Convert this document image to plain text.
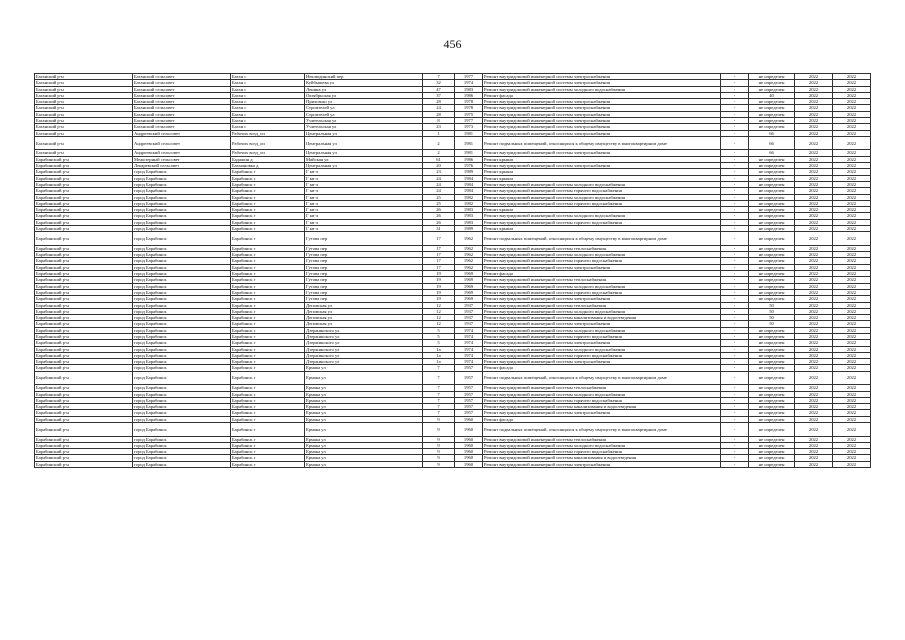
456
Баганский р-н	Баганский сельсовет	Баган с	Неклюдинский пер	7	1977	Ремонт внутридомовой инженерной системы электроснабжения	-	не определен	2022	2022
Баганский р-н	Баганский сельсовет	Баган с	Куйбышева ул	32	1974	Ремонт внутридомовой инженерной системы электроснабжения	-	не определен	2022	2022
Баганский р-н	Баганский сельсовет	Баган с	Ленина ул	47	1983	Ремонт внутридомовой инженерной системы холодного водоснабжения	-	не определен	2022	2022
Баганский р-н	Баганский сельсовет	Баган с	Октябрьская ул	37	1986	Ремонт фасада	-	40	2022	2022
Баганский р-н	Баганский сельсовет	Баган с	Прихозько ул	28	1978	Ремонт внутридомовой инженерной системы электроснабжения	-	не определен	2022	2022
Баганский р-н	Баганский сельсовет	Баган с	Строителей ул	24	1978	Ремонт внутридомовой инженерной системы электроснабжения	-	не определен	2022	2022
Баганский р-н	Баганский сельсовет	Баган с	Строителей ул	28	1975	Ремонт внутридомовой инженерной системы электроснабжения	-	не определен	2022	2022
Баганский р-н	Баганский сельсовет	Баган с	Учительская ул	8	1977	Ремонт внутридомовой инженерной системы электроснабжения	-	не определен	2022	2022
Баганский р-н	Баганский сельсовет	Баган с	Учительская ул	23	1973	Ремонт внутридомовой инженерной системы электроснабжения	-	не определен	2022	2022
Баганский р-н	Андреевский сельсовет	Рабочих возд_оп	Центральная ул	1	1981	Ремонт внутридомовой инженерной системы электроснабжения	-	66	2022	2022
Баганский р-н	Андреевский сельсовет	Рабочих возд_оп	Центральная ул	2	1981	Ремонт подвальных помещений, относящихся к общему имуществу в многоквартирном доме	-	66	2022	2022
Баганский р-н	Андреевский сельсовет	Рабочих возд_оп	Центральная ул	2	1981	Ремонт внутридомовой инженерной системы электроснабжения	-	66	2022	2022
Барабинский р-н	Межозерный сельсовет	Бадажин д	Майская ул	61	1986	Ремонт крыши	-	не определен	2022	2022
Барабинский р-н	Лекаревский сельсовет	Бахмановка д	Центральная ул	20	1976	Ремонт внутридомовой инженерной системы электроснабжения	-	не определен	2022	2022
Барабинский р-н	город Барабинск	Барабинск г	Г кв-л	23	1989	Ремонт крыши	-	не определен	2022	2022
Барабинский р-н	город Барабинск	Барабинск г	Г кв-л	24	1984	Ремонт крыши	-	не определен	2022	2022
Барабинский р-н	город Барабинск	Барабинск г	Г кв-л	24	1984	Ремонт внутридомовой инженерной системы холодного водоснабжения	-	не определен	2022	2022
Барабинский р-н	город Барабинск	Барабинск г	Г кв-л	24	1984	Ремонт внутридомовой инженерной системы горячего водоснабжения	-	не определен	2022	2022
Барабинский р-н	город Барабинск	Барабинск г	Г кв-л	25	1982	Ремонт внутридомовой инженерной системы холодного водоснабжения	-	не определен	2022	2022
Барабинский р-н	город Барабинск	Барабинск г	Г кв-л	25	1982	Ремонт внутридомовой инженерной системы горячего водоснабжения	-	не определен	2022	2022
Барабинский р-н	город Барабинск	Барабинск г	Г кв-л	26	1983	Ремонт крыши	-	не определен	2022	2022
Барабинский р-н	город Барабинск	Барабинск г	Г кв-л	26	1983	Ремонт внутридомовой инженерной системы холодного водоснабжения	-	не определен	2022	2022
Барабинский р-н	город Барабинск	Барабинск г	Г кв-л	26	1983	Ремонт внутридомовой инженерной системы горячего водоснабжения	-	не определен	2022	2022
Барабинский р-н	город Барабинск	Барабинск г	Г кв-л	31	1989	Ремонт крыши	-	не определен	2022	2022
Барабинский р-н	город Барабинск	Барабинск г	Гутова пер	17	1962	Ремонт подвальных помещений, относящихся к общему имуществу в многоквартирном доме	-	не определен	2022	2022
Барабинский р-н	город Барабинск	Барабинск г	Гутова пер	17	1962	Ремонт внутридомовой инженерной системы теплоснабжения	-	не определен	2022	2022
Барабинский р-н	город Барабинск	Барабинск г	Гутова пер	17	1962	Ремонт внутридомовой инженерной системы холодного водоснабжения	-	не определен	2022	2022
Барабинский р-н	город Барабинск	Барабинск г	Гутова пер	17	1962	Ремонт внутридомовой инженерной системы горячего водоснабжения	-	не определен	2022	2022
Барабинский р-н	город Барабинск	Барабинск г	Гутова пер	17	1962	Ремонт внутридомовой инженерной системы электроснабжения	-	не определен	2022	2022
Барабинский р-н	город Барабинск	Барабинск г	Гутова пер	19	1969	Ремонт фасада	-	не определен	2022	2022
Барабинский р-н	город Барабинск	Барабинск г	Гутова пер	19	1969	Ремонт внутридомовой инженерной системы теплоснабжения	-	не определен	2022	2022
Барабинский р-н	город Барабинск	Барабинск г	Гутова пер	19	1969	Ремонт внутридомовой инженерной системы холодного водоснабжения	-	не определен	2022	2022
Барабинский р-н	город Барабинск	Барабинск г	Гутова пер	19	1969	Ремонт внутридомовой инженерной системы горячего водоснабжения	-	не определен	2022	2022
Барабинский р-н	город Барабинск	Барабинск г	Гутова пер	19	1969	Ремонт внутридомовой инженерной системы электроснабжения	-	не определен	2022	2022
Барабинский р-н	город Барабинск	Барабинск г	Деповская ул	12	1937	Ремонт внутридомовой инженерной системы теплоснабжения	-	50	2022	2022
Барабинский р-н	город Барабинск	Барабинск г	Деповская ул	12	1937	Ремонт внутридомовой инженерной системы холодного водоснабжения	-	50	2022	2022
Барабинский р-н	город Барабинск	Барабинск г	Деповская ул	12	1937	Ремонт внутридомовой инженерной системы канализования и водоотведения	-	50	2022	2022
Барабинский р-н	город Барабинск	Барабинск г	Деповская ул	12	1937	Ремонт внутридомовой инженерной системы электроснабжения	-	50	2022	2022
Барабинский р-н	город Барабинск	Барабинск г	Дзержинского ул	5	1974	Ремонт внутридомовой инженерной системы холодного водоснабжения	-	не определен	2022	2022
Барабинский р-н	город Барабинск	Барабинск г	Дзержинского ул	5	1974	Ремонт внутридомовой инженерной системы горячего водоснабжения	-	не определен	2022	2022
Барабинский р-н	город Барабинск	Барабинск г	Дзержинского ул	5	1974	Ремонт внутридомовой инженерной системы электроснабжения	-	не определен	2022	2022
Барабинский р-н	город Барабинск	Барабинск г	Дзержинского ул	1а	1974	Ремонт внутридомовой инженерной системы холодного водоснабжения	-	не определен	2022	2022
Барабинский р-н	город Барабинск	Барабинск г	Дзержинского ул	1а	1974	Ремонт внутридомовой инженерной системы горячего водоснабжения	-	не определен	2022	2022
Барабинский р-н	город Барабинск	Барабинск г	Дзержинского ул	1а	1974	Ремонт внутридомовой инженерной системы электроснабжения	-	не определен	2022	2022
Барабинский р-н	город Барабинск	Барабинск г	Ермака ул	7	1957	Ремонт фасада	-	не определен	2022	2022
Барабинский р-н	город Барабинск	Барабинск г	Ермака ул	7	1957	Ремонт подвальных помещений, относящихся к общему имуществу в многоквартирном доме	-	не определен	2022	2022
Барабинский р-н	город Барабинск	Барабинск г	Ермака ул	7	1957	Ремонт внутридомовой инженерной системы теплоснабжения	-	не определен	2022	2022
Барабинский р-н	город Барабинск	Барабинск г	Ермака ул	7	1957	Ремонт внутридомовой инженерной системы холодного водоснабжения	-	не определен	2022	2022
Барабинский р-н	город Барабинск	Барабинск г	Ермака ул	7	1957	Ремонт внутридомовой инженерной системы горячего водоснабжения	-	не определен	2022	2022
Барабинский р-н	город Барабинск	Барабинск г	Ермака ул	7	1957	Ремонт внутридомовой инженерной системы канализования и водоотведения	-	не определен	2022	2022
Барабинский р-н	город Барабинск	Барабинск г	Ермака ул	7	1957	Ремонт внутридомовой инженерной системы электроснабжения	-	не определен	2022	2022
Барабинский р-н	город Барабинск	Барабинск г	Ермака ул	9	1960	Ремонт фасада	-	не определен	2022	2022
Барабинский р-н	город Барабинск	Барабинск г	Ермака ул	9	1960	Ремонт подвальных помещений, относящихся к общему имуществу в многоквартирном доме	-	не определен	2022	2022
Барабинский р-н	город Барабинск	Барабинск г	Ермака ул	9	1960	Ремонт внутридомовой инженерной системы теплоснабжения	-	не определен	2022	2022
Барабинский р-н	город Барабинск	Барабинск г	Ермака ул	9	1960	Ремонт внутридомовой инженерной системы холодного водоснабжения	-	не определен	2022	2022
Барабинский р-н	город Барабинск	Барабинск г	Ермака ул	9	1960	Ремонт внутридомовой инженерной системы горячего водоснабжения	-	не определен	2022	2022
Барабинский р-н	город Барабинск	Барабинск г	Ермака ул	9	1960	Ремонт внутридомовой инженерной системы канализования и водоотведения	-	не определен	2022	2022
Барабинский р-н	город Барабинск	Барабинск г	Ермака ул	9	1960	Ремонт внутридомовой инженерной системы электроснабжения	-	не определен	2022	2022
